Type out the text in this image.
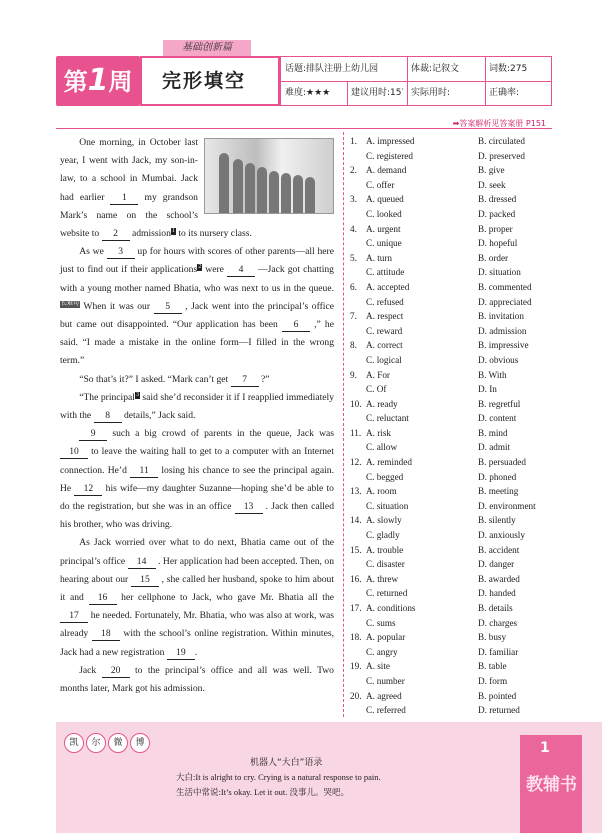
基础创新篇
第1周	完形填空
话题:排队注册上幼儿园	体裁:记叙文	词数:275
难度:★★★ 建议用时:15′ 实际用时:	正确率:
➡答案解析见答案册 P151

One morning, in October last year, I went with Jack, my son-in-law, to a school in Mumbai. Jack had earlier 1 my grandson Mark’s name on the school’s website to 2 admission1 to its nursery class.

As we 3 up for hours with scores of other parents—all here just to find out if their applications2 were 4 —Jack got chatting with a young mother named Bhatia, who was next to us in the queue. 长难句 When it was our 5 , Jack went into the principal’s office but came out disappointed. “Our application has been 6 ,” he said. “I made a mistake in the online form—I filled in the wrong term.”

“So that’s it?” I asked. “Mark can’t get 7 ?”

“The principal3 said she’d reconsider it if I reapplied immediately with the 8 details,” Jack said.

9 such a big crowd of parents in the queue, Jack was 10 to leave the waiting hall to get to a computer with an Internet connection. He’d 11 losing his chance to see the principal again. He 12 his wife—my daughter Suzanne—hoping she’d be able to do the registration, but she was in an office 13 . Jack then called his brother, who was driving.

As Jack worried over what to do next, Bhatia came out of the principal’s office 14 . Her application had been accepted. Then, on hearing about our 15 , she called her husband, spoke to him about it and 16 her cellphone to Jack, who gave Mr. Bhatia all the 17 he needed. Fortunately, Mr. Bhatia, who was also at work, was already 18 with the school’s online registration. Within minutes, Jack had a new registration 19 .

Jack 20 to the principal’s office and all was well. Two months later, Mark got his admission.

1. A. impressed	B. circulated
C. registered	D. preserved
2. A. demand	B. give
C. offer	D. seek
3. A. queued	B. dressed
C. looked	D. packed
4. A. urgent	B. proper
C. unique	D. hopeful
5. A. turn	B. order
C. attitude	D. situation
6. A. accepted	B. commented
C. refused	D. appreciated
7. A. respect	B. invitation
C. reward	D. admission
8. A. correct	B. impressive
C. logical	D. obvious
9. A. For	B. With
C. Of	D. In
10. A. ready	B. regretful
C. reluctant	D. content
11. A. risk	B. mind
C. allow	D. admit
12. A. reminded	B. persuaded
C. begged	D. phoned
13. A. room	B. meeting
C. situation	D. environment
14. A. slowly	B. silently
C. gladly	D. anxiously
15. A. trouble	B. accident
C. disaster	D. danger
16. A. threw	B. awarded
C. returned	D. handed
17. A. conditions	B. details
C. sums	D. charges
18. A. popular	B. busy
C. angry	D. familiar
19. A. site	B. table
C. number	D. form
20. A. agreed	B. pointed
C. referred	D. returned
凯 尔 微 博
机器人“大白”语录
大白:It is alright to cry. Crying is a natural response to pain.
生活中常说:It’s okay. Let it out. 没事儿。哭吧。
1
教辅书
